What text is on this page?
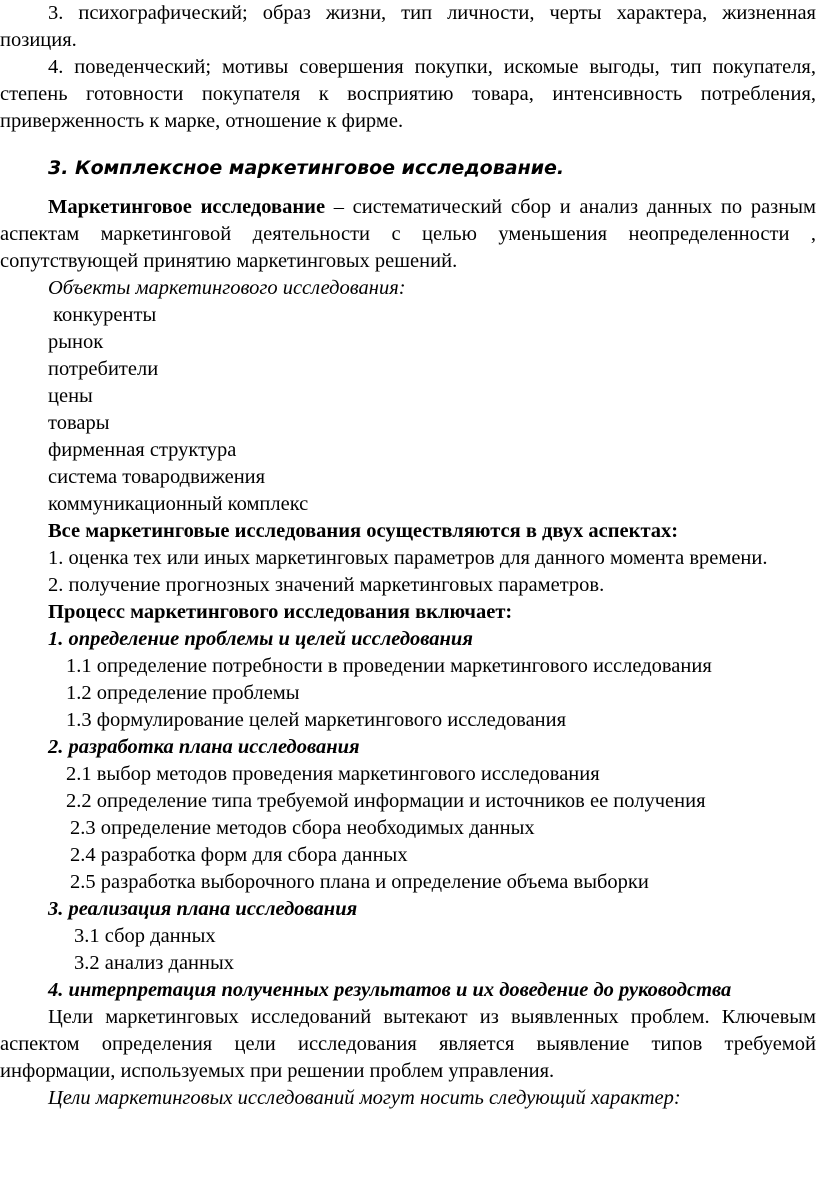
3. психографический; образ жизни, тип личности, черты характера, жизненная позиция.

4. поведенческий; мотивы совершения покупки, искомые выгоды, тип покупателя, степень готовности покупателя к восприятию товара, интенсивность потребления, приверженность к марке, отношение к фирме.

3. Комплексное маркетинговое исследование.

Маркетинговое исследование – систематический сбор и анализ данных по разным аспектам маркетинговой деятельности с целью уменьшения неопределенности , сопутствующей принятию маркетинговых решений.

Объекты маркетингового исследования:

конкуренты

рынок

потребители

цены

товары

фирменная структура

система товародвижения

коммуникационный комплекс

Все маркетинговые исследования осуществляются в двух аспектах:

1. оценка тех или иных маркетинговых параметров для данного момента времени.

2. получение прогнозных значений маркетинговых параметров.

Процесс маркетингового исследования включает:

1. определение проблемы и целей исследования

1.1 определение потребности в проведении маркетингового исследования

1.2 определение проблемы

1.3 формулирование целей маркетингового исследования

2. разработка плана исследования

2.1 выбор методов проведения маркетингового исследования

2.2 определение типа требуемой информации и источников ее получения

2.3 определение методов сбора необходимых данных

2.4 разработка форм для сбора данных

2.5 разработка выборочного плана и определение объема выборки

3. реализация плана исследования

3.1 сбор данных

3.2 анализ данных

4. интерпретация полученных результатов и их доведение до руководства

Цели маркетинговых исследований вытекают из выявленных проблем. Ключевым аспектом определения цели исследования является выявление типов требуемой информации, используемых при решении проблем управления.

Цели маркетинговых исследований могут носить следующий характер:
